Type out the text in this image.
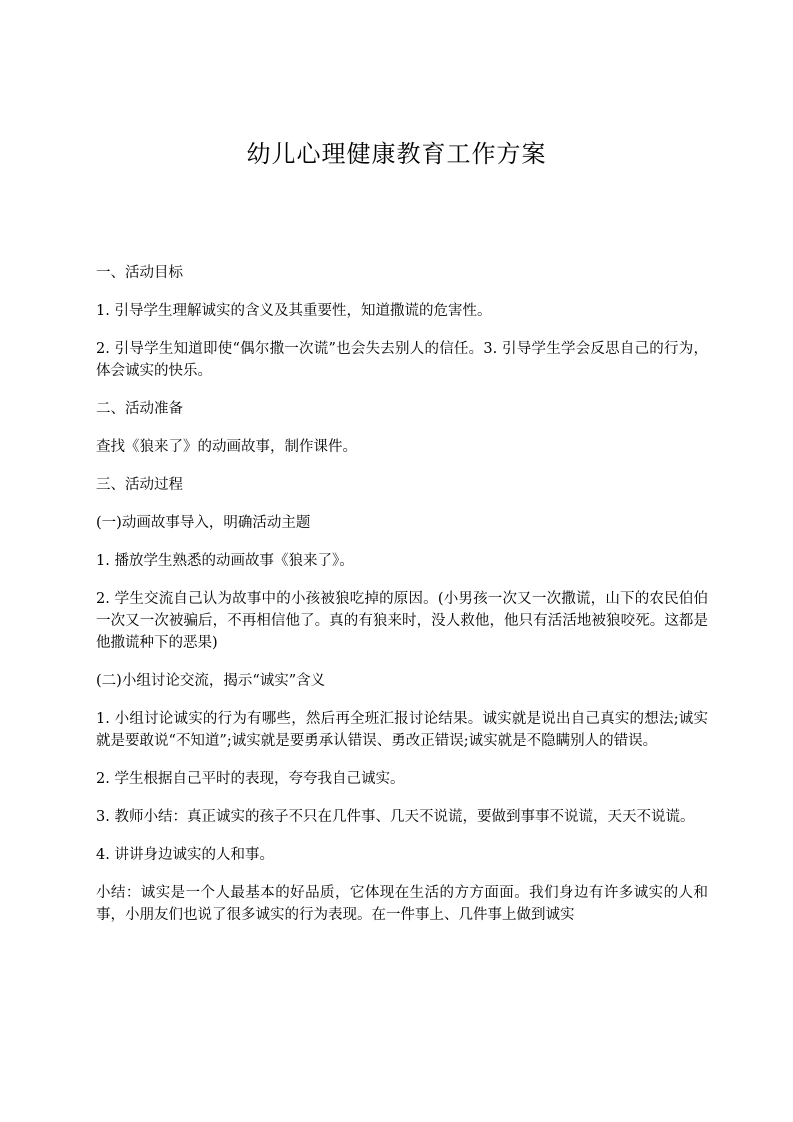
幼儿心理健康教育工作方案

一、活动目标

1. 引导学生理解诚实的含义及其重要性，知道撒谎的危害性。

2. 引导学生知道即使“偶尔撒一次谎”也会失去别人的信任。3. 引导学生学会反思自己的行为，体会诚实的快乐。

二、活动准备

查找《狼来了》的动画故事，制作课件。

三、活动过程

(一)动画故事导入，明确活动主题

1. 播放学生熟悉的动画故事《狼来了》。

2. 学生交流自己认为故事中的小孩被狼吃掉的原因。(小男孩一次又一次撒谎，山下的农民伯伯一次又一次被骗后，不再相信他了。真的有狼来时，没人救他，他只有活活地被狼咬死。这都是他撒谎种下的恶果)

(二)小组讨论交流，揭示“诚实”含义

1. 小组讨论诚实的行为有哪些，然后再全班汇报讨论结果。诚实就是说出自己真实的想法;诚实就是要敢说“不知道”;诚实就是要勇承认错误、勇改正错误;诚实就是不隐瞒别人的错误。

2. 学生根据自己平时的表现，夸夸我自己诚实。

3. 教师小结：真正诚实的孩子不只在几件事、几天不说谎，要做到事事不说谎，天天不说谎。

4. 讲讲身边诚实的人和事。

小结：诚实是一个人最基本的好品质，它体现在生活的方方面面。我们身边有许多诚实的人和事，小朋友们也说了很多诚实的行为表现。在一件事上、几件事上做到诚实
